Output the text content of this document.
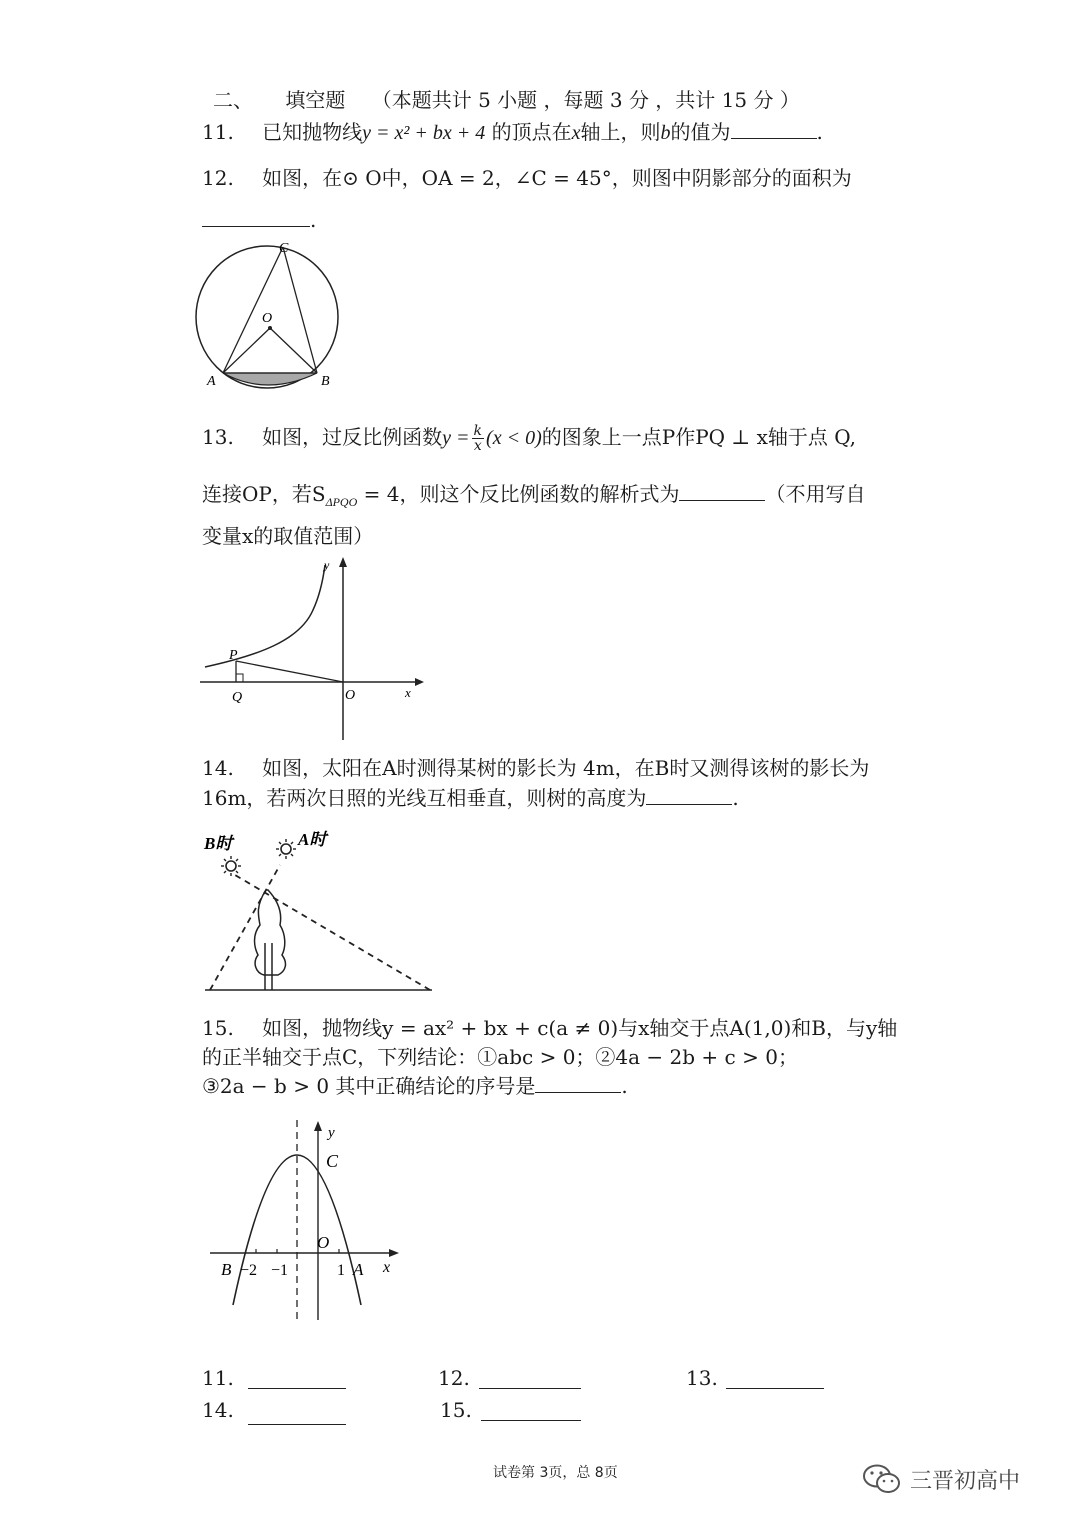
二、 填空题 （本题共计 5 小题 ，每题 3 分 ，共计 15 分 ）
11. 已知抛物线y = x² + bx + 4 的顶点在x轴上，则b的值为	.
12. 如图，在⊙ O中，OA = 2，∠C = 45°，则图中阴影部分的面积为
.
C
O
A	B
13. 如图，过反比例函数$y = \frac{k}{x} (x < 0)$的图象上一点P作PQ ⊥ x轴于点 Q,
连接OP，若$S_{\Delta PQO} = 4$，则这个反比例函数的解析式为	（不用写自
变量x的取值范围）
y
P
Q	O	x
14. 如图，太阳在A时测得某树的影长为 4m，在B时又测得该树的影长为
16m，若两次日照的光线互相垂直，则树的高度为	.
B时	A时
15. 如图，抛物线y = ax² + bx + c(a ≠ 0)与x轴交于点A(1,0)和B，与y轴
的正半轴交于点C，下列结论：①abc > 0；②4a − 2b + c > 0；
③2a − b > 0 其中正确结论的序号是	.
y
C
O
B −2 −1	1 A x
11.	12.	13.
14.	15.
试卷第 3页，总 8页	三晋初高中
